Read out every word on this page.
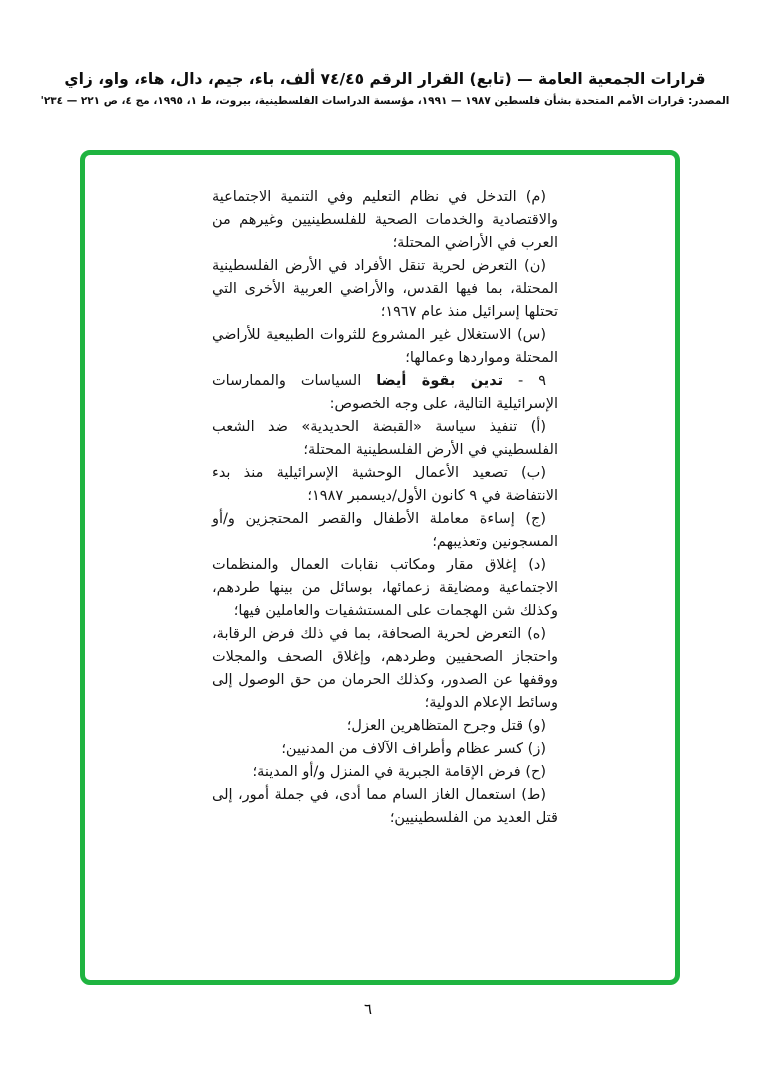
قرارات الجمعية العامة — (تابع) القرار الرقم ٧٤/٤٥ ألف، باء، جيم، دال، هاء، واو، زاي
المصدر: قرارات الأمم المتحدة بشأن فلسطين ١٩٨٧ — ١٩٩١، مؤسسة الدراسات الفلسطينية، بيروت، ط ١، ١٩٩٥، مج ٤، ص ٢٢١ — ٢٣٤'

(م) التدخل في نظام التعليم وفي التنمية الاجتماعية والاقتصادية والخدمات الصحية للفلسطينيين وغيرهم من العرب في الأراضي المحتلة؛

(ن) التعرض لحرية تنقل الأفراد في الأرض الفلسطينية المحتلة، بما فيها القدس، والأراضي العربية الأخرى التي تحتلها إسرائيل منذ عام ١٩٦٧؛

(س) الاستغلال غير المشروع للثروات الطبيعية للأراضي المحتلة ومواردها وعمالها؛

٩ - تدين بقوة أيضا السياسات والممارسات الإسرائيلية التالية، على وجه الخصوص:

(أ) تنفيذ سياسة «القبضة الحديدية» ضد الشعب الفلسطيني في الأرض الفلسطينية المحتلة؛

(ب) تصعيد الأعمال الوحشية الإسرائيلية منذ بدء الانتفاضة في ٩ كانون الأول/ديسمبر ١٩٨٧؛

(ج) إساءة معاملة الأطفال والقصر المحتجزين و/أو المسجونين وتعذيبهم؛

(د) إغلاق مقار ومكاتب نقابات العمال والمنظمات الاجتماعية ومضايقة زعمائها، بوسائل من بينها طردهم، وكذلك شن الهجمات على المستشفيات والعاملين فيها؛

(ه) التعرض لحرية الصحافة، بما في ذلك فرض الرقابة، واحتجاز الصحفيين وطردهم، وإغلاق الصحف والمجلات ووقفها عن الصدور، وكذلك الحرمان من حق الوصول إلى وسائط الإعلام الدولية؛

(و) قتل وجرح المتظاهرين العزل؛

(ز) كسر عظام وأطراف الآلاف من المدنيين؛

(ح) فرض الإقامة الجبرية في المنزل و/أو المدينة؛

(ط) استعمال الغاز السام مما أدى، في جملة أمور، إلى قتل العديد من الفلسطينيين؛

٦
